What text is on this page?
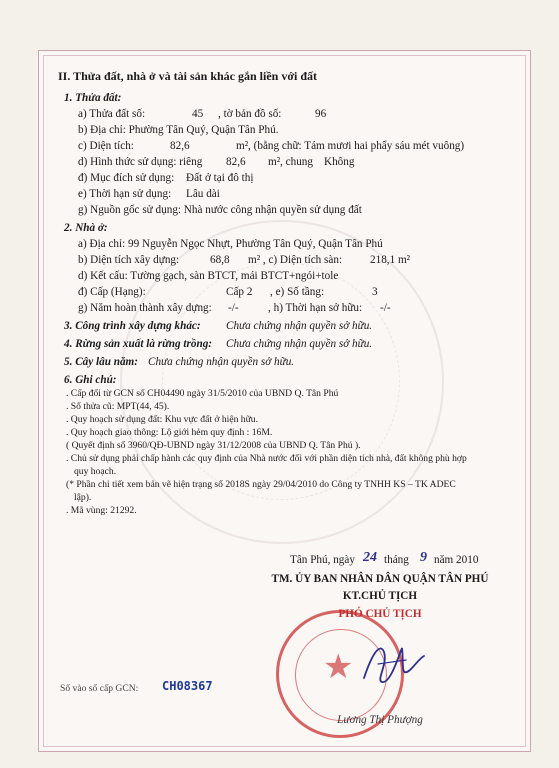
II. Thửa đất, nhà ở và tài sản khác gắn liền với đất
1. Thửa đất:
a) Thửa đất số:	45 , tờ bản đồ số:	96
b) Địa chỉ: Phường Tân Quý, Quận Tân Phú.
c) Diện tích:	82,6	m², (bằng chữ: Tám mươi hai phẩy sáu mét vuông)
d) Hình thức sử dụng: riêng 82,6 m², chung Không
đ) Mục đích sử dụng: Đất ở tại đô thị
e) Thời hạn sử dụng: Lâu dài
g) Nguồn gốc sử dụng: Nhà nước công nhận quyền sử dụng đất
2. Nhà ở:
a) Địa chỉ: 99 Nguyễn Ngọc Nhựt, Phường Tân Quý, Quận Tân Phú
b) Diện tích xây dựng:	68,8 m² , c) Diện tích sàn: 218,1 m²
d) Kết cấu: Tường gạch, sàn BTCT, mái BTCT+ngói+tole
đ) Cấp (Hạng):	Cấp 2 , e) Số tầng:	3
g) Năm hoàn thành xây dựng: -/-	, h) Thời hạn sở hữu: -/-
3. Công trình xây dựng khác: Chưa chứng nhận quyền sở hữu.
4. Rừng sản xuất là rừng trồng: Chưa chứng nhận quyền sở hữu.
5. Cây lâu năm: Chưa chứng nhận quyền sở hữu.
6. Ghi chú:
. Cấp đổi từ GCN số CH04490 ngày 31/5/2010 của UBND Q. Tân Phú
. Số thửa cũ: MPT(44, 45).
. Quy hoạch sử dụng đất: Khu vực đất ở hiện hữu.
. Quy hoạch giao thông: Lộ giới hẻm quy định : 16M.
( Quyết định số 3960/QĐ-UBND ngày 31/12/2008 của UBND Q. Tân Phú ).
. Chủ sử dụng phải chấp hành các quy định của Nhà nước đối với phần diện tích nhà, đất không phù hợp
quy hoạch.
(* Phần chi tiết xem bản vẽ hiện trạng số 2018S ngày 29/04/2010 do Công ty TNHH KS – TK ADEC
lập).
. Mã vùng: 21292.
Tân Phú, ngày 24 tháng 9 năm 2010
TM. ỦY BAN NHÂN DÂN QUẬN TÂN PHÚ
KT.CHỦ TỊCH
PHÓ CHỦ TỊCH
★
Lương Thị Phượng
Số vào sổ cấp GCN: CH08367
